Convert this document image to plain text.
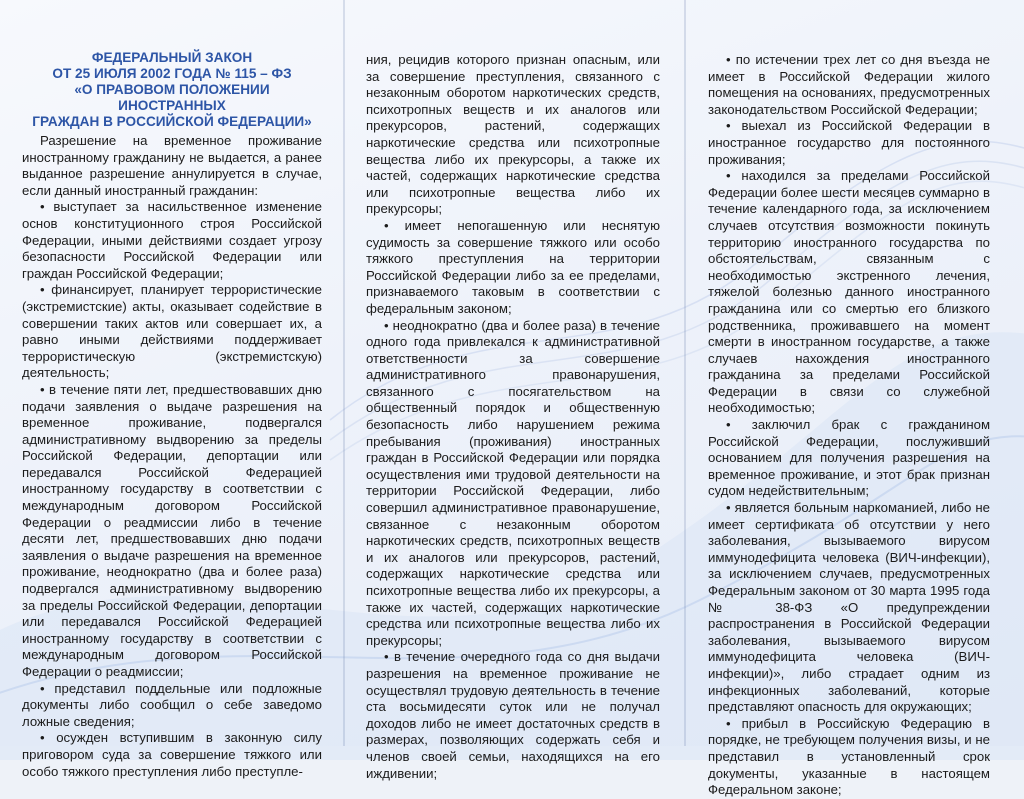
ФЕДЕРАЛЬНЫЙ ЗАКОН
ОТ 25 ИЮЛЯ 2002 ГОДА № 115 – ФЗ
«О ПРАВОВОМ ПОЛОЖЕНИИ ИНОСТРАННЫХ
ГРАЖДАН В РОССИЙСКОЙ ФЕДЕРАЦИИ»

Разрешение на временное проживание иностранному гражданину не выдается, а ранее выданное разрешение аннулируется в случае, если данный иностранный гражданин:

• выступает за насильственное изменение основ конституционного строя Российской Федерации, иными действиями создает угрозу безопасности Российской Федерации или граждан Российской Федерации;

• финансирует, планирует террористические (экстремистские) акты, оказывает содействие в совершении таких актов или совершает их, а равно иными действиями поддерживает террористическую (экстремистскую) деятельность;

• в течение пяти лет, предшествовавших дню подачи заявления о выдаче разрешения на временное проживание, подвергался административному выдворению за пределы Российской Федерации, депортации или передавался Российской Федерацией иностранному государству в соответствии с международным договором Российской Федерации о реадмиссии либо в течение десяти лет, предшествовавших дню подачи заявления о выдаче разрешения на временное проживание, неоднократно (два и более раза) подвергался административному выдворению за пределы Российской Федерации, депортации или передавался Российской Федерацией иностранному государству в соответствии с международным договором Российской Федерации о реадмиссии;

• представил поддельные или подложные документы либо сообщил о себе заведомо ложные сведения;

• осужден вступившим в законную силу приговором суда за совершение тяжкого или особо тяжкого преступления либо преступле-

ния, рецидив которого признан опасным, или за совершение преступления, связанного с незаконным оборотом наркотических средств, психотропных веществ и их аналогов или прекурсоров, растений, содержащих наркотические средства или психотропные вещества либо их прекурсоры, а также их частей, содержащих наркотические средства или психотропные вещества либо их прекурсоры;

• имеет непогашенную или неснятую судимость за совершение тяжкого или особо тяжкого преступления на территории Российской Федерации либо за ее пределами, признаваемого таковым в соответствии с федеральным законом;

• неоднократно (два и более раза) в течение одного года привлекался к административной ответственности за совершение административного правонарушения, связанного с посягательством на общественный порядок и общественную безопасность либо нарушением режима пребывания (проживания) иностранных граждан в Российской Федерации или порядка осуществления ими трудовой деятельности на территории Российской Федерации, либо совершил административное правонарушение, связанное с незаконным оборотом наркотических средств, психотропных веществ и их аналогов или прекурсоров, растений, содержащих наркотические средства или психотропные вещества либо их прекурсоры, а также их частей, содержащих наркотические средства или психотропные вещества либо их прекурсоры;

• в течение очередного года со дня выдачи разрешения на временное проживание не осуществлял трудовую деятельность в течение ста восьмидесяти суток или не получал доходов либо не имеет достаточных средств в размерах, позволяющих содержать себя и членов своей семьи, находящихся на его иждивении;

• по истечении трех лет со дня въезда не имеет в Российской Федерации жилого помещения на основаниях, предусмотренных законодательством Российской Федерации;

• выехал из Российской Федерации в иностранное государство для постоянного проживания;

• находился за пределами Российской Федерации более шести месяцев суммарно в течение календарного года, за исключением случаев отсутствия возможности покинуть территорию иностранного государства по обстоятельствам, связанным с необходимостью экстренного лечения, тяжелой болезнью данного иностранного гражданина или со смертью его близкого родственника, проживавшего на момент смерти в иностранном государстве, а также случаев нахождения иностранного гражданина за пределами Российской Федерации в связи со служебной необходимостью;

• заключил брак с гражданином Российской Федерации, послуживший основанием для получения разрешения на временное проживание, и этот брак признан судом недействительным;

• является больным наркоманией, либо не имеет сертификата об отсутствии у него заболевания, вызываемого вирусом иммунодефицита человека (ВИЧ-инфекции), за исключением случаев, предусмотренных Федеральным законом от 30 марта 1995 года № 38-ФЗ «О предупреждении распространения в Российской Федерации заболевания, вызываемого вирусом иммунодефицита человека (ВИЧ-инфекции)», либо страдает одним из инфекционных заболеваний, которые представляют опасность для окружающих;

• прибыл в Российскую Федерацию в порядке, не требующем получения визы, и не представил в установленный срок документы, указанные в настоящем Федеральном законе;
